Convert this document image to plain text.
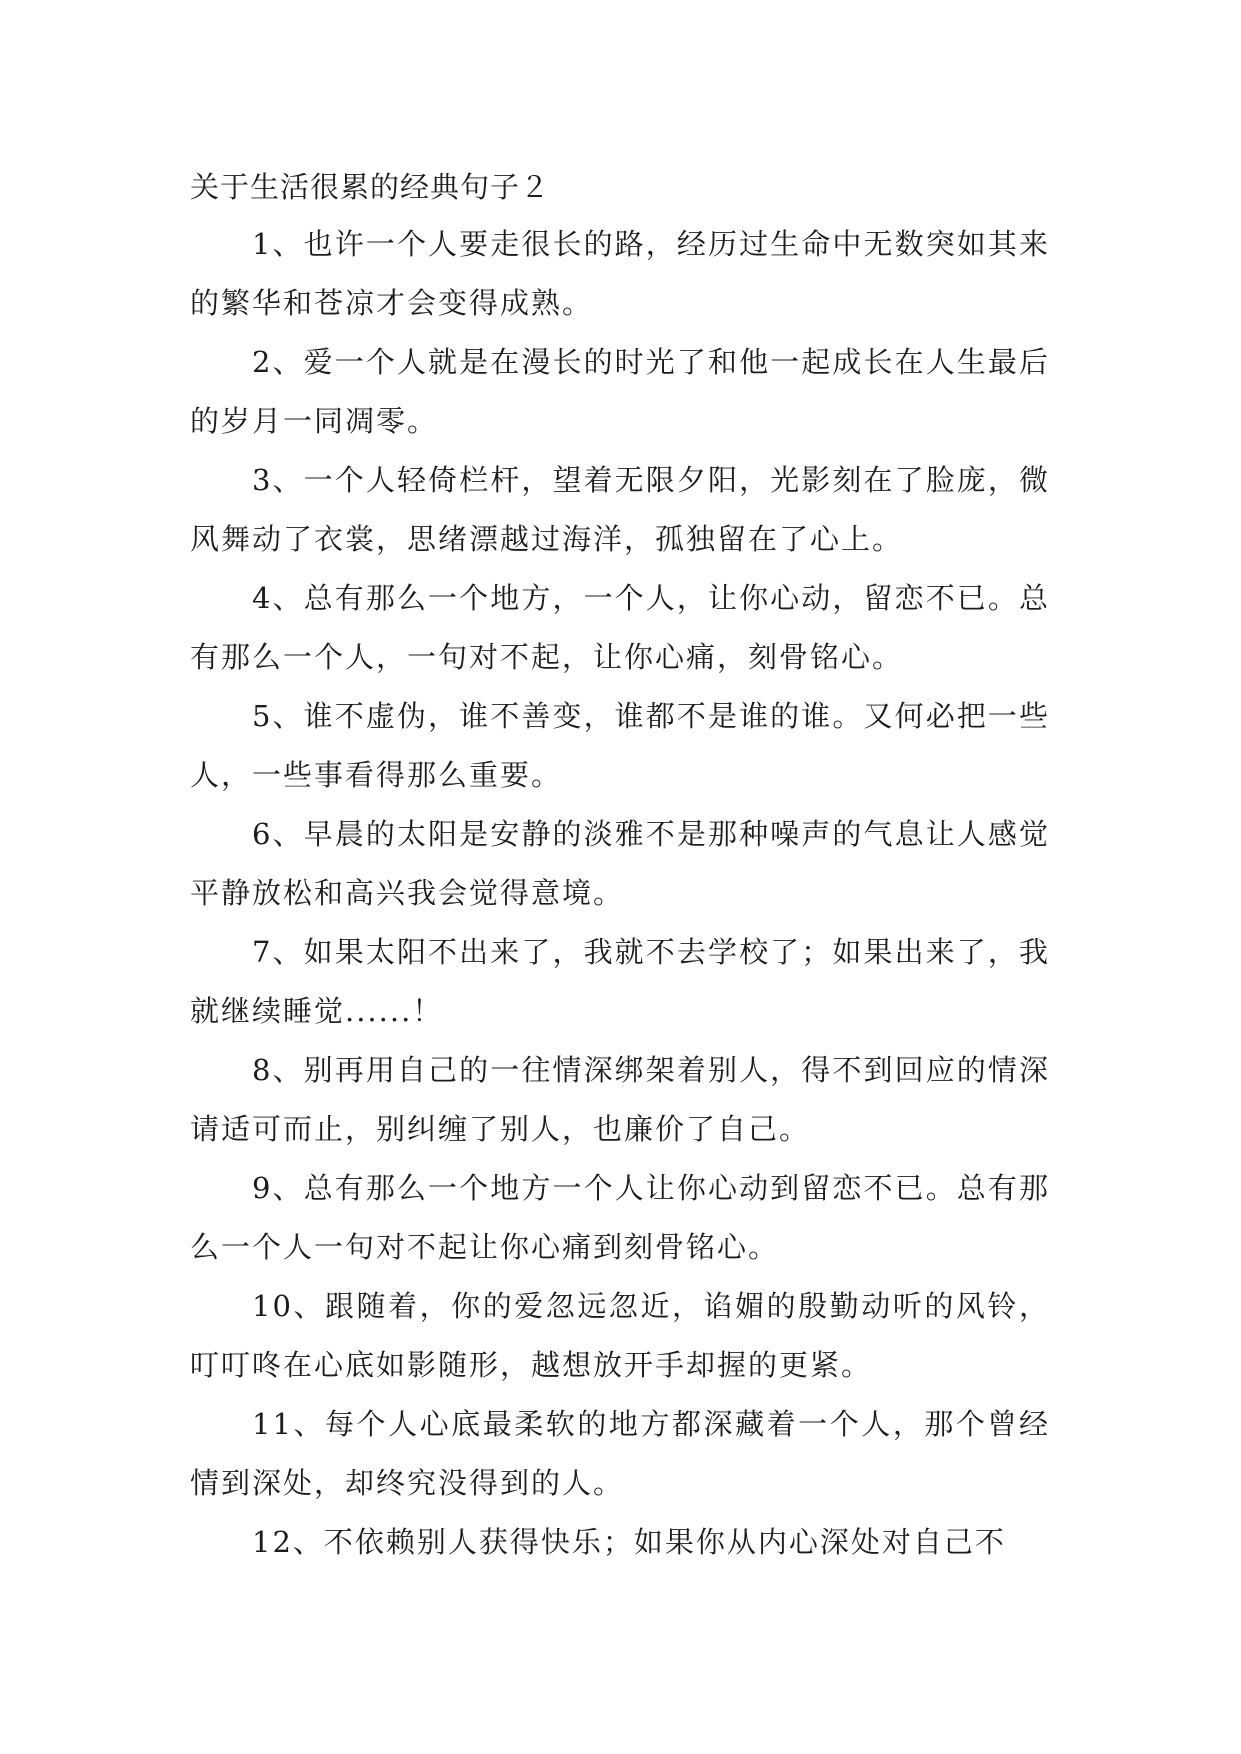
关于生活很累的经典句子２

1、也许一个人要走很长的路，经历过生命中无数突如其来的繁华和苍凉才会变得成熟。

2、爱一个人就是在漫长的时光了和他一起成长在人生最后的岁月一同凋零。

3、一个人轻倚栏杆，望着无限夕阳，光影刻在了脸庞，微风舞动了衣裳，思绪漂越过海洋，孤独留在了心上。

4、总有那么一个地方，一个人，让你心动，留恋不已。总有那么一个人，一句对不起，让你心痛，刻骨铭心。

5、谁不虚伪，谁不善变，谁都不是谁的谁。又何必把一些人，一些事看得那么重要。

6、早晨的太阳是安静的淡雅不是那种噪声的气息让人感觉平静放松和高兴我会觉得意境。

7、如果太阳不出来了，我就不去学校了；如果出来了，我就继续睡觉......！

8、别再用自己的一往情深绑架着别人，得不到回应的情深请适可而止，别纠缠了别人，也廉价了自己。

9、总有那么一个地方一个人让你心动到留恋不已。总有那么一个人一句对不起让你心痛到刻骨铭心。

10、跟随着，你的爱忽远忽近，谄媚的殷勤动听的风铃，叮叮咚在心底如影随形，越想放开手却握的更紧。

11、每个人心底最柔软的地方都深藏着一个人，那个曾经情到深处，却终究没得到的人。

12、不依赖别人获得快乐；如果你从内心深处对自己不
